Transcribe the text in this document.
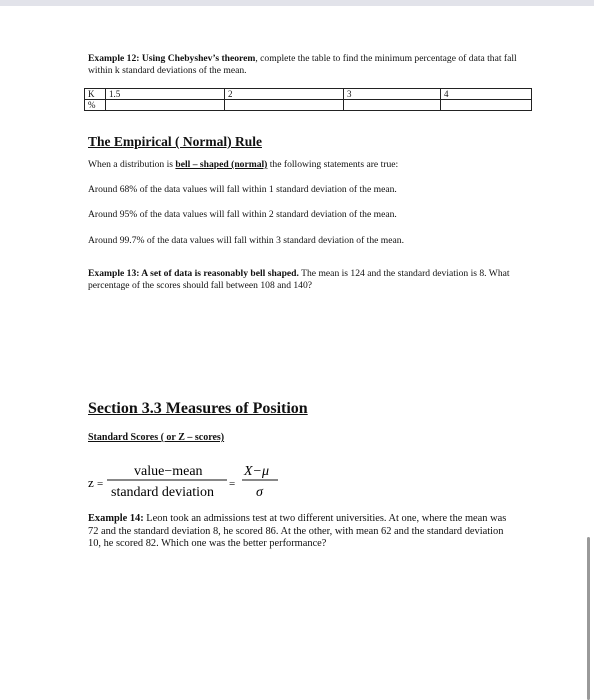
Example 12: Using Chebyshev’s theorem, complete the table to find the minimum percentage of data that fall within k standard deviations of the mean.
K	1.5	2	3	4
%				
The Empirical ( Normal) Rule
When a distribution is bell – shaped (normal) the following statements are true:
Around 68% of the data values will fall within 1 standard deviation of the mean.
Around 95% of the data values will fall within 2 standard deviation of the mean.
Around 99.7% of the data values will fall within 3 standard deviation of the mean.
Example 13: A set of data is reasonably bell shaped. The mean is 124 and the standard deviation is 8. What percentage of the scores should fall between 108 and 140?
Section 3.3 Measures of Position
Standard Scores ( or Z – scores)
z =
value−mean
standard deviation
=
X−μ
σ
Example 14: Leon took an admissions test at two different universities. At one, where the mean was 72 and the standard deviation 8, he scored 86. At the other, with mean 62 and the standard deviation 10, he scored 82. Which one was the better performance?
